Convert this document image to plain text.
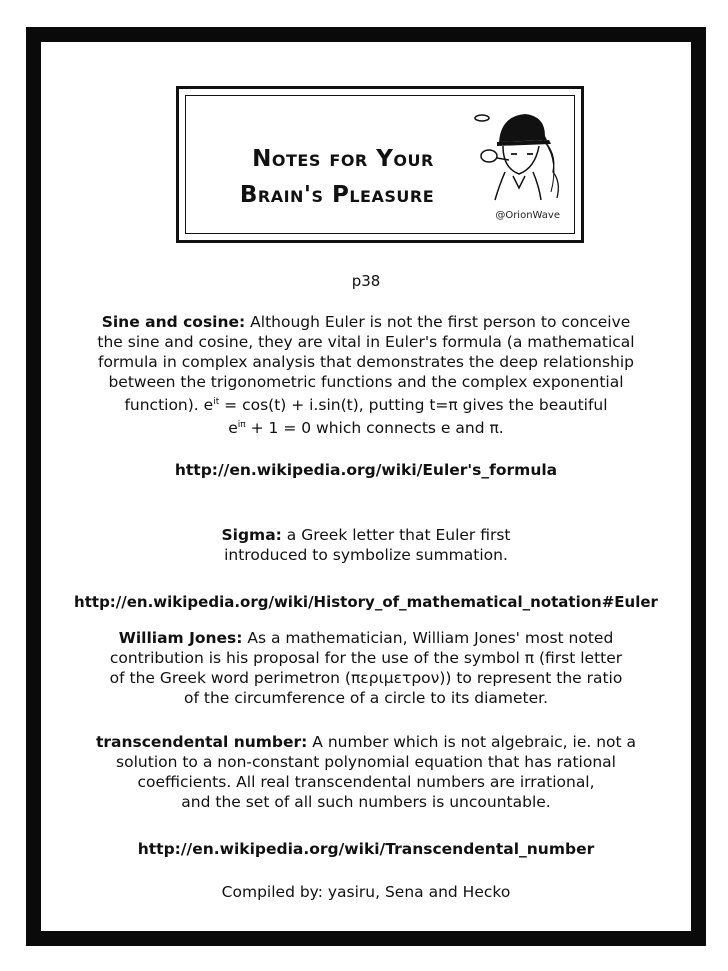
Notes for Your
Brain's Pleasure
@OrionWave
p38
Sine and cosine: Although Euler is not the first person to conceive
the sine and cosine, they are vital in Euler's formula (a mathematical
formula in complex analysis that demonstrates the deep relationship
between the trigonometric functions and the complex exponential
function). $e^{it} = \cos(t) + i.\sin(t)$, putting t=π gives the beautiful
$e^{i\pi} + 1 = 0$ which connects e and π.
http://en.wikipedia.org/wiki/Euler's_formula
Sigma: a Greek letter that Euler first
introduced to symbolize summation.
http://en.wikipedia.org/wiki/History_of_mathematical_notation#Euler
William Jones: As a mathematician, William Jones' most noted
contribution is his proposal for the use of the symbol π (first letter
of the Greek word perimetron (περιμετρον)) to represent the ratio
of the circumference of a circle to its diameter.
transcendental number: A number which is not algebraic, ie. not a
solution to a non-constant polynomial equation that has rational
coefficients. All real transcendental numbers are irrational,
and the set of all such numbers is uncountable.
http://en.wikipedia.org/wiki/Transcendental_number
Compiled by: yasiru, Sena and Hecko
